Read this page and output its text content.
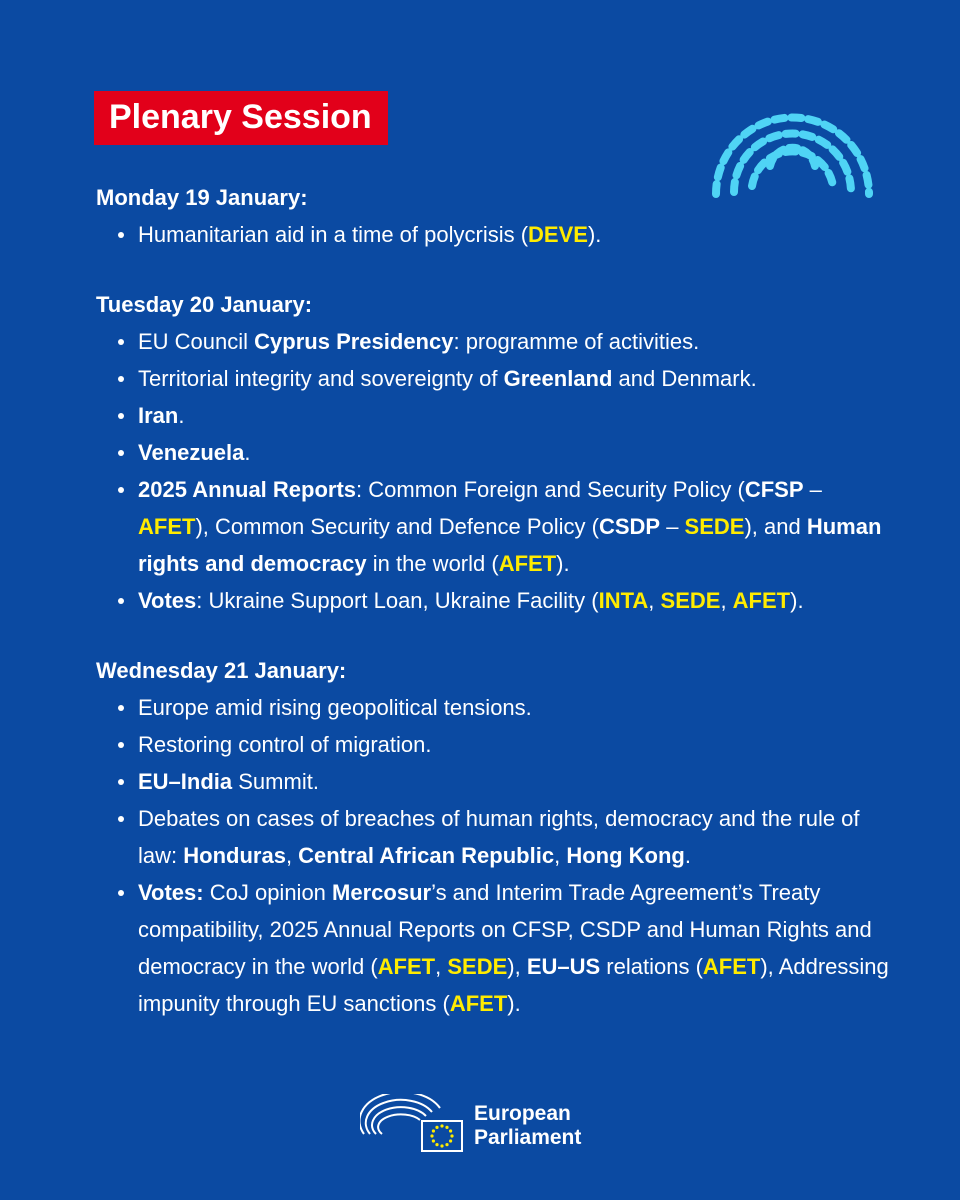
Plenary Session

Monday 19 January:

Humanitarian aid in a time of polycrisis (DEVE).

Tuesday 20 January:

EU Council Cyprus Presidency: programme of activities.
Territorial integrity and sovereignty of Greenland and Denmark.
Iran.
Venezuela.
2025 Annual Reports: Common Foreign and Security Policy (CFSP – AFET), Common Security and Defence Policy (CSDP – SEDE), and Human rights and democracy in the world (AFET).
Votes: Ukraine Support Loan, Ukraine Facility (INTA, SEDE, AFET).

Wednesday 21 January:

Europe amid rising geopolitical tensions.
Restoring control of migration.
EU–India Summit.
Debates on cases of breaches of human rights, democracy and the rule of law: Honduras, Central African Republic, Hong Kong.
Votes: CoJ opinion Mercosur’s and Interim Trade Agreement’s Treaty compatibility, 2025 Annual Reports on CFSP, CSDP and Human Rights and democracy in the world (AFET, SEDE), EU–US relations (AFET), Addressing impunity through EU sanctions (AFET).
European
Parliament
